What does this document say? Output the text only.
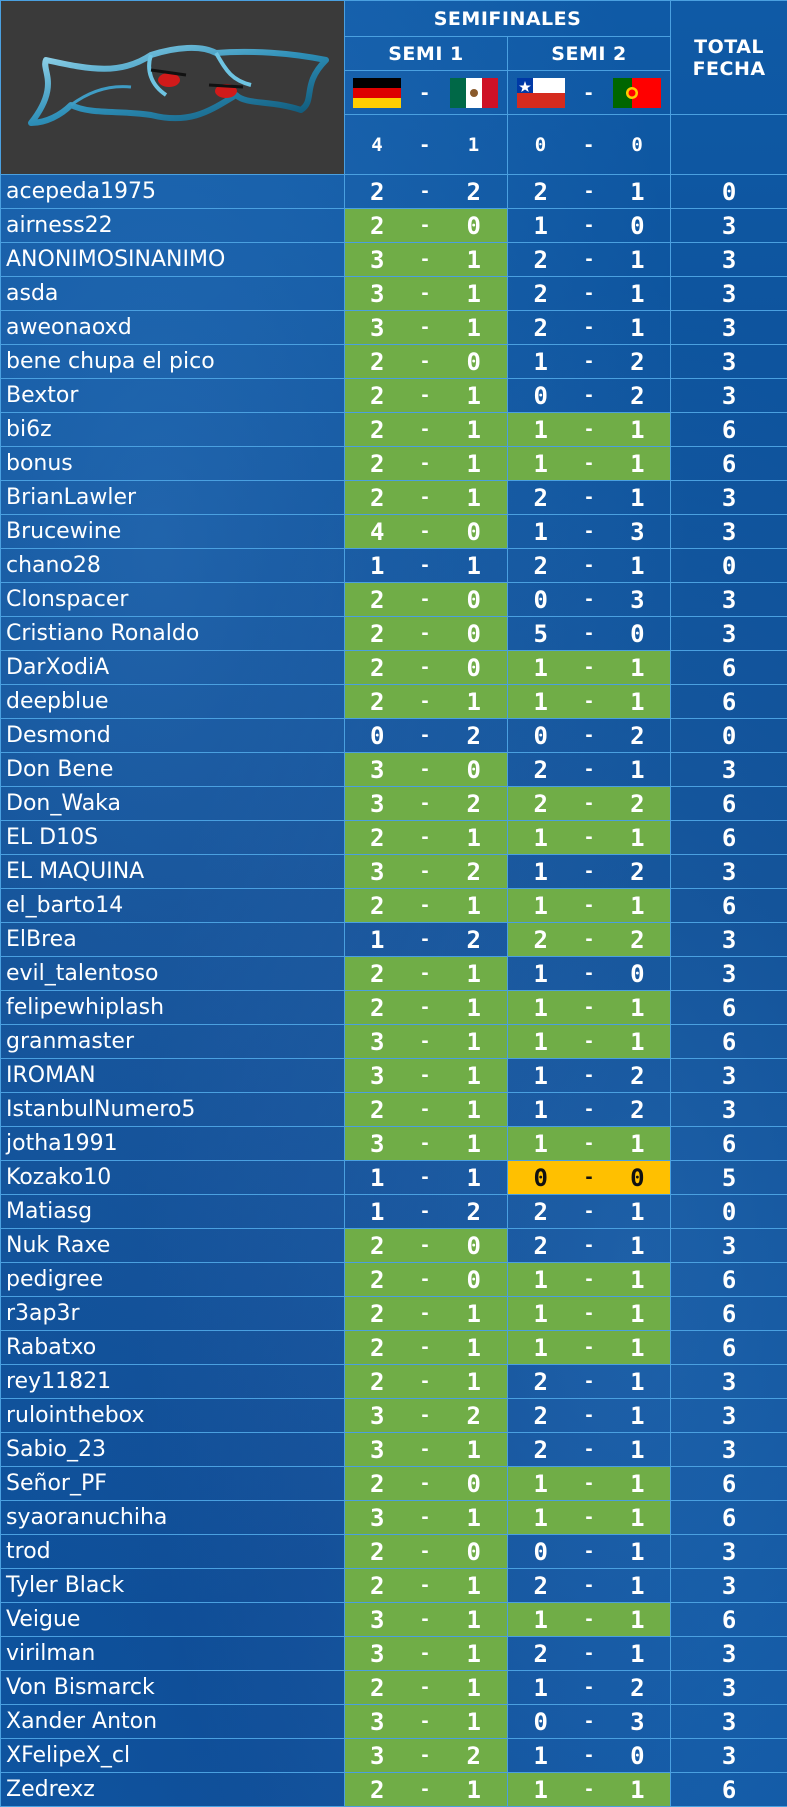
	SEMIFINALES						TOTAL
FECHA

	SEMI 1			SEMI 2			

	-			-	

	4	-	1	0	-	0	
acepeda1975	2	-	2	2	-	1	0
airness22	2	-	0	1	-	0	3
ANONIMOSINANIMO	3	-	1	2	-	1	3
asda	3	-	1	2	-	1	3
aweonaoxd	3	-	1	2	-	1	3
bene chupa el pico	2	-	0	1	-	2	3
Bextor	2	-	1	0	-	2	3
bi6z	2	-	1	1	-	1	6
bonus	2	-	1	1	-	1	6
BrianLawler	2	-	1	2	-	1	3
Brucewine	4	-	0	1	-	3	3
chano28	1	-	1	2	-	1	0
Clonspacer	2	-	0	0	-	3	3
Cristiano Ronaldo	2	-	0	5	-	0	3
DarXodiA	2	-	0	1	-	1	6
deepblue	2	-	1	1	-	1	6
Desmond	0	-	2	0	-	2	0
Don Bene	3	-	0	2	-	1	3
Don_Waka	3	-	2	2	-	2	6
EL D10S	2	-	1	1	-	1	6
EL MAQUINA	3	-	2	1	-	2	3
el_barto14	2	-	1	1	-	1	6
ElBrea	1	-	2	2	-	2	3
evil_talentoso	2	-	1	1	-	0	3
felipewhiplash	2	-	1	1	-	1	6
granmaster	3	-	1	1	-	1	6
IROMAN	3	-	1	1	-	2	3
IstanbulNumero5	2	-	1	1	-	2	3
jotha1991	3	-	1	1	-	1	6
Kozako10	1	-	1	0	-	0	5
Matiasg	1	-	2	2	-	1	0
Nuk Raxe	2	-	0	2	-	1	3
pedigree	2	-	0	1	-	1	6
r3ap3r	2	-	1	1	-	1	6
Rabatxo	2	-	1	1	-	1	6
rey11821	2	-	1	2	-	1	3
rulointhebox	3	-	2	2	-	1	3
Sabio_23	3	-	1	2	-	1	3
Señor_PF	2	-	0	1	-	1	6
syaoranuchiha	3	-	1	1	-	1	6
trod	2	-	0	0	-	1	3
Tyler Black	2	-	1	2	-	1	3
Veigue	3	-	1	1	-	1	6
virilman	3	-	1	2	-	1	3
Von Bismarck	2	-	1	1	-	2	3
Xander Anton	3	-	1	0	-	3	3
XFelipeX_cl	3	-	2	1	-	0	3
Zedrexz	2	-	1	1	-	1	6
